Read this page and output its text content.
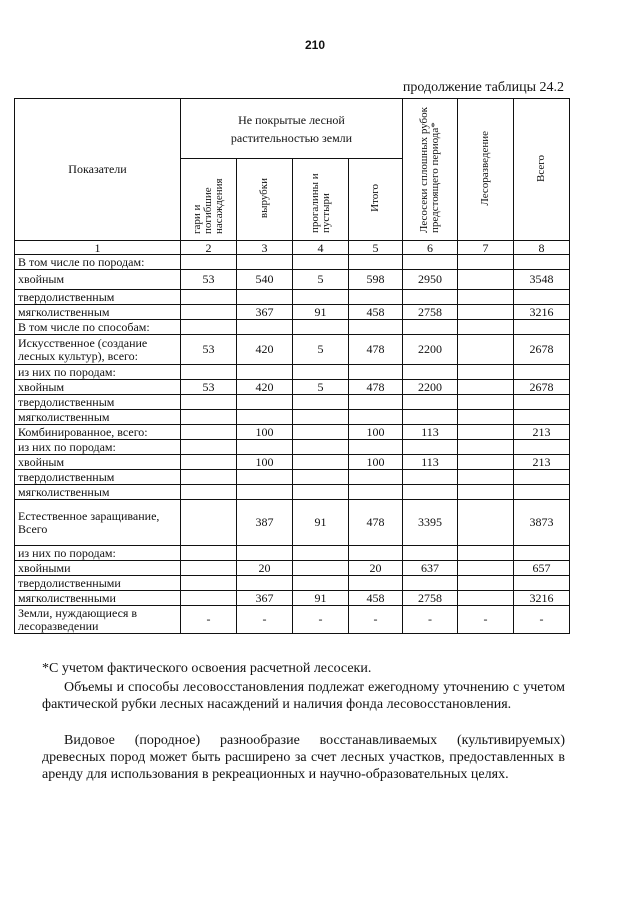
210
продолжение таблицы 24.2
Показатели	Не покрытые лесной растительностью земли				Лесосеки сплошных рубок предстоящего периода*	Лесоразведение	Всего

	гари и погибшие насаждения	вырубки	прогалины и пустыри	Итого			

1	2	3	4	5	6	7	8
В том числе по породам:							
хвойным	53	540	5	598	2950		3548
твердолиственным							
мягколиственным		367	91	458	2758		3216
В том числе по способам:							
Искусственное (создание лесных культур), всего:	53	420	5	478	2200		2678
из них по породам:							
хвойным	53	420	5	478	2200		2678
твердолиственным							
мягколиственным							
Комбинированное, всего:		100		100	113		213
из них по породам:							
хвойным		100		100	113		213
твердолиственным							
мягколиственным							
Естественное заращивание, Всего		387	91	478	3395		3873
из них по породам:							
хвойными		20		20	637		657
твердолиственными							
мягколиственными		367	91	458	2758		3216
Земли, нуждающиеся в лесоразведении	-	-	-	-	-	-	-
*С учетом фактического освоения расчетной лесосеки.

Объемы и способы лесовосстановления подлежат ежегодному уточнению с учетом фактической рубки лесных насаждений и наличия фонда лесовосстановления.

Видовое (породное) разнообразие восстанавливаемых (культивируемых) древесных пород может быть расширено за счет лесных участков, предоставленных в аренду для использования в рекреационных и научно-образовательных целях.
